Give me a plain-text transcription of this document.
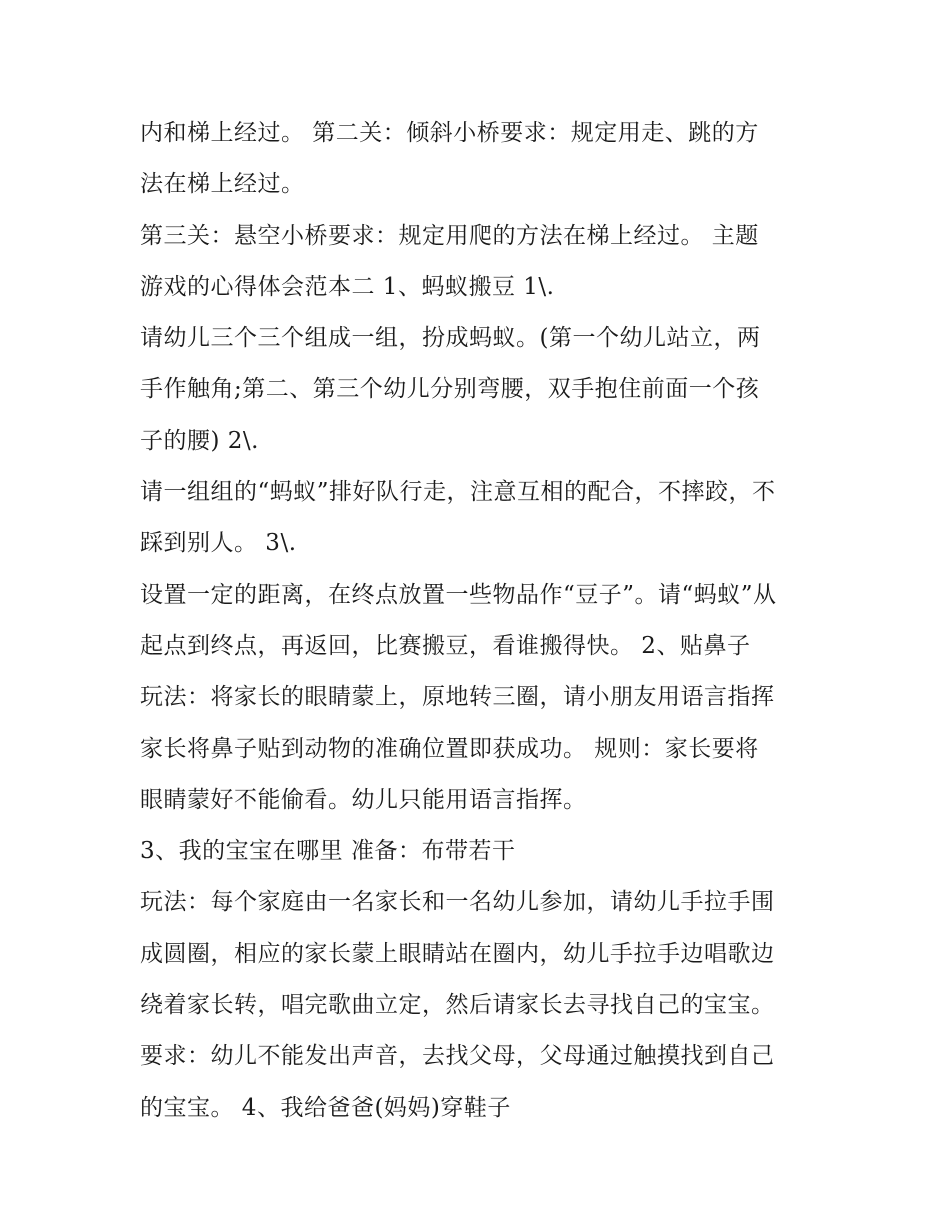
内和梯上经过。 第二关：倾斜小桥要求：规定用走、跳的方
法在梯上经过。
第三关：悬空小桥要求：规定用爬的方法在梯上经过。 主题
游戏的心得体会范本二 1、蚂蚁搬豆 1\.
请幼儿三个三个组成一组，扮成蚂蚁。(第一个幼儿站立，两
手作触角;第二、第三个幼儿分别弯腰，双手抱住前面一个孩
子的腰) 2\.
请一组组的“蚂蚁”排好队行走，注意互相的配合，不摔跤，不
踩到别人。 3\.
设置一定的距离，在终点放置一些物品作“豆子”。请“蚂蚁”从
起点到终点，再返回，比赛搬豆，看谁搬得快。 2、贴鼻子
玩法：将家长的眼睛蒙上，原地转三圈，请小朋友用语言指挥
家长将鼻子贴到动物的准确位置即获成功。 规则：家长要将
眼睛蒙好不能偷看。幼儿只能用语言指挥。
3、我的宝宝在哪里 准备：布带若干
玩法：每个家庭由一名家长和一名幼儿参加，请幼儿手拉手围
成圆圈，相应的家长蒙上眼睛站在圈内，幼儿手拉手边唱歌边
绕着家长转，唱完歌曲立定，然后请家长去寻找自己的宝宝。
要求：幼儿不能发出声音，去找父母，父母通过触摸找到自己
的宝宝。 4、我给爸爸(妈妈)穿鞋子
